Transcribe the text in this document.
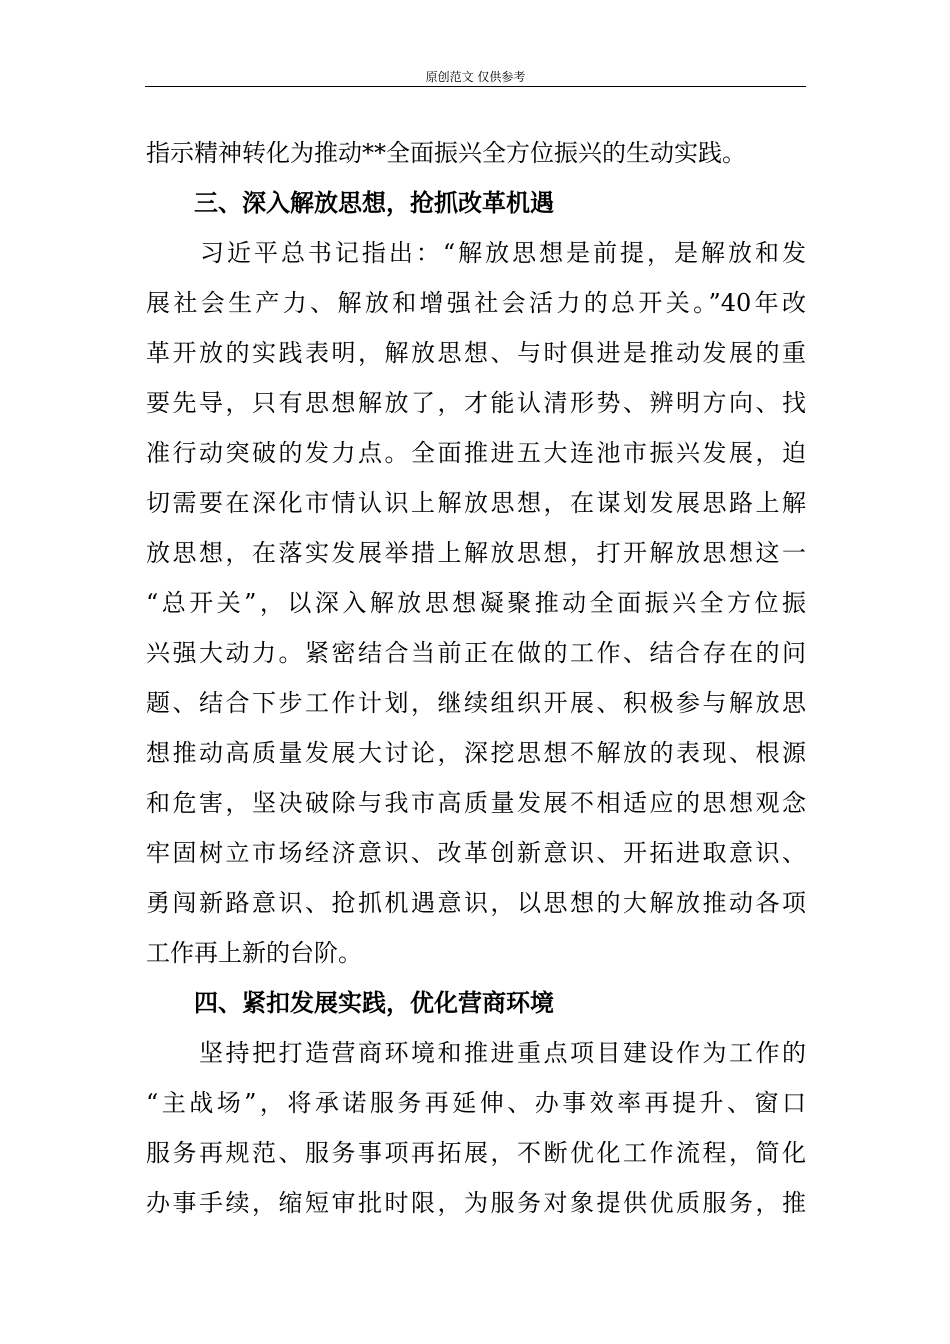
原创范文 仅供参考
指示精神转化为推动**全面振兴全方位振兴的生动实践。
三、深入解放思想，抢抓改革机遇
　　习近平总书记指出：“解放思想是前提，是解放和发
展社会生产力、解放和增强社会活力的总开关。”40年改
革开放的实践表明，解放思想、与时俱进是推动发展的重
要先导，只有思想解放了，才能认清形势、辨明方向、找
准行动突破的发力点。全面推进五大连池市振兴发展，迫
切需要在深化市情认识上解放思想，在谋划发展思路上解
放思想，在落实发展举措上解放思想，打开解放思想这一
“总开关”，以深入解放思想凝聚推动全面振兴全方位振
兴强大动力。紧密结合当前正在做的工作、结合存在的问
题、结合下步工作计划，继续组织开展、积极参与解放思
想推动高质量发展大讨论，深挖思想不解放的表现、根源
和危害，坚决破除与我市高质量发展不相适应的思想观念
牢固树立市场经济意识、改革创新意识、开拓进取意识、
勇闯新路意识、抢抓机遇意识，以思想的大解放推动各项
工作再上新的台阶。
四、紧扣发展实践，优化营商环境
　　坚持把打造营商环境和推进重点项目建设作为工作的
“主战场”，将承诺服务再延伸、办事效率再提升、窗口
服务再规范、服务事项再拓展，不断优化工作流程，简化
办事手续，缩短审批时限，为服务对象提供优质服务，推
